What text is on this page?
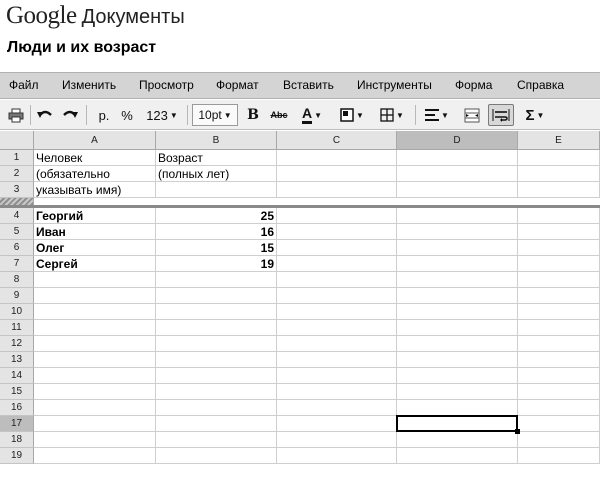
Google Документы
Люди и их возраст
Файл Изменить Просмотр Формат Вставить Инструменты Форма Справка
р. % 123 ▼ 10pt ▼ B	Abc	A ▼	▼	▼	▼	Σ ▼
A	B	C	D	E
1	Человек	Возраст
2	(обязательно	(полных лет)
3	указывать имя)
4	Георгий	25
5	Иван	16
6	Олег	15
7	Сергей	19
8
9
10
11
12
13
14
15
16
17
18
19
